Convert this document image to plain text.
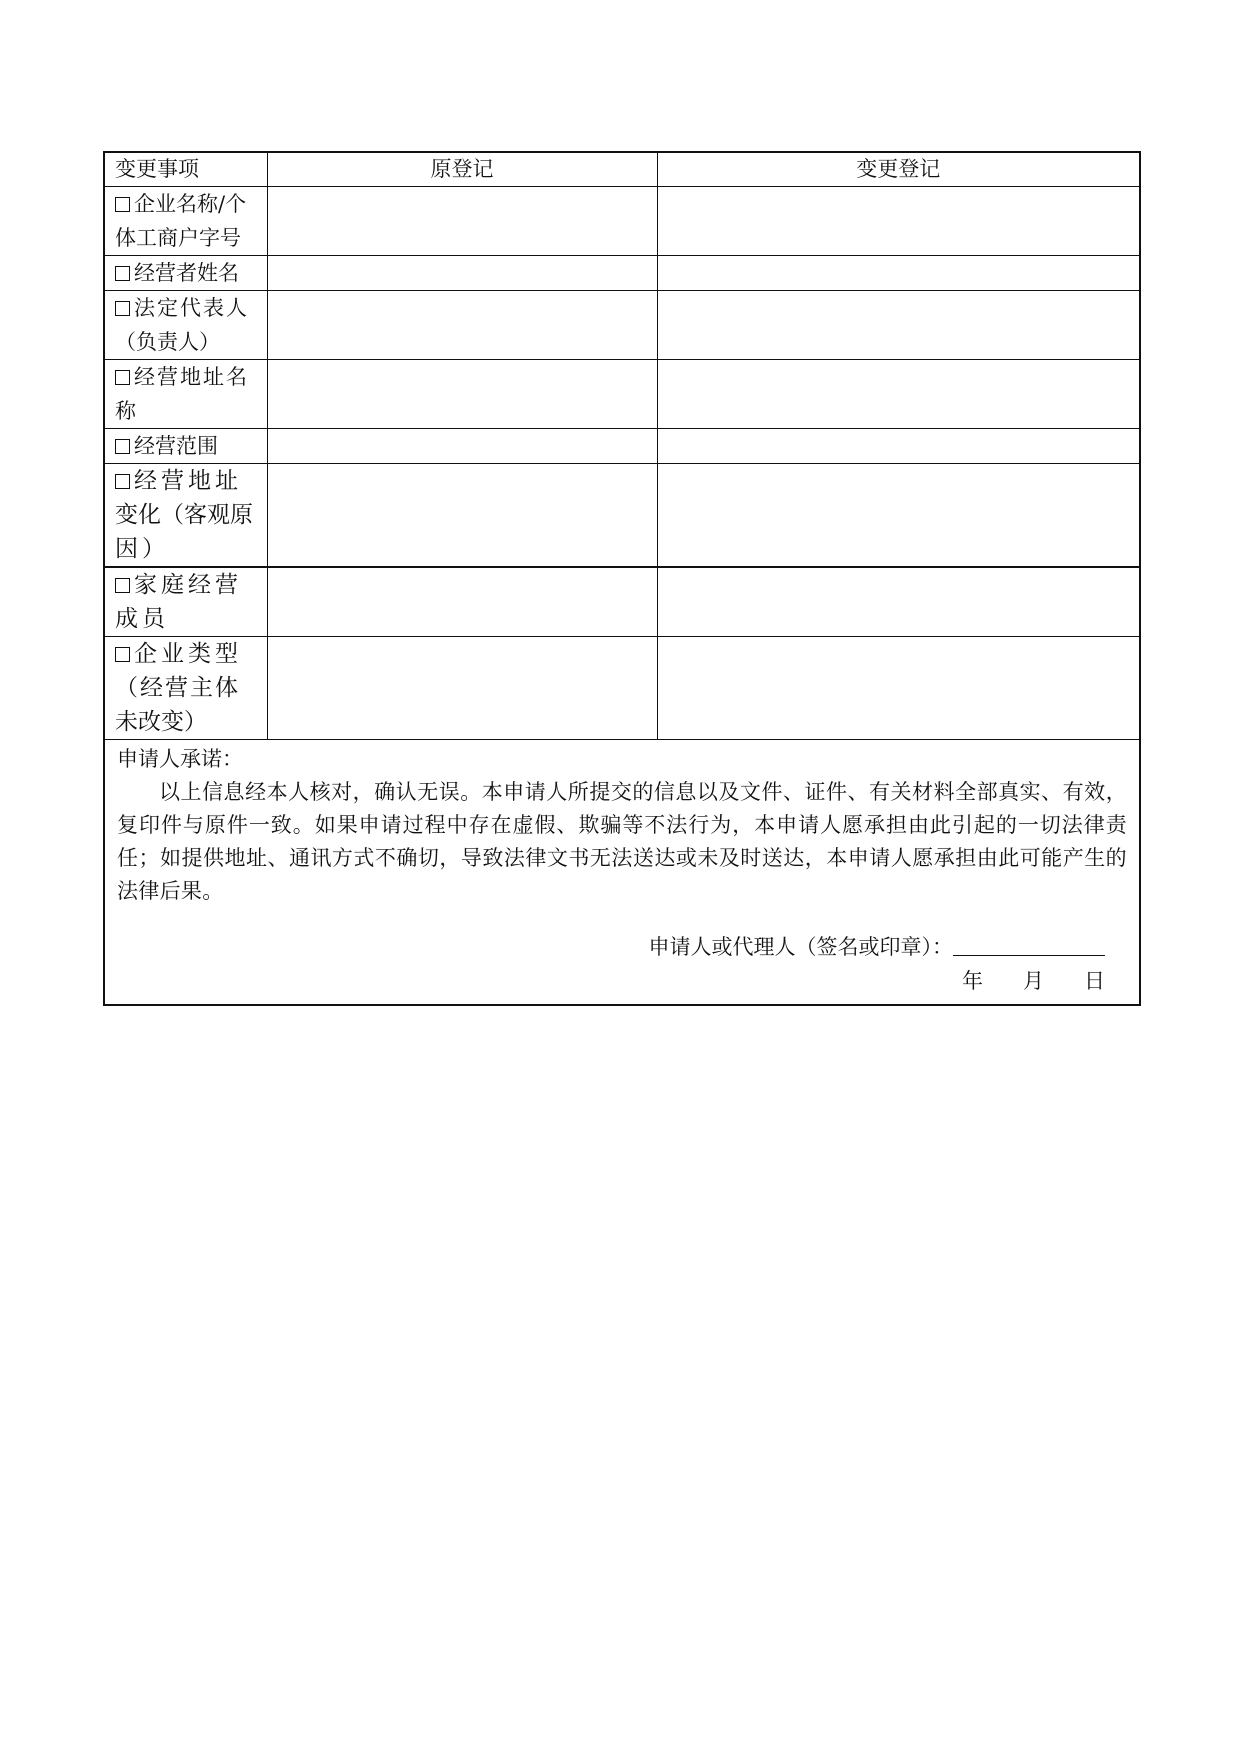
变更事项	原登记	变更登记

企业名称/个
体工商户字号		

经营者姓名		

法定代表人
（负责人）		

经营地址名
称		

经营范围		

经营地址
变化（客观原
因）		

家庭经营
成员		

企业类型
（经营主体
未改变）		

申请人承诺：
以上信息经本人核对，确认无误。本申请人所提交的信息以及文件、证件、有关材料全部真实、有效，复印件与原件一致。如果申请过程中存在虚假、欺骗等不法行为，本申请人愿承担由此引起的一切法律责任；如提供地址、通讯方式不确切，导致法律文书无法送达或未及时送达，本申请人愿承担由此可能产生的法律后果。
申请人或代理人（签名或印章）：
年 月 日		
